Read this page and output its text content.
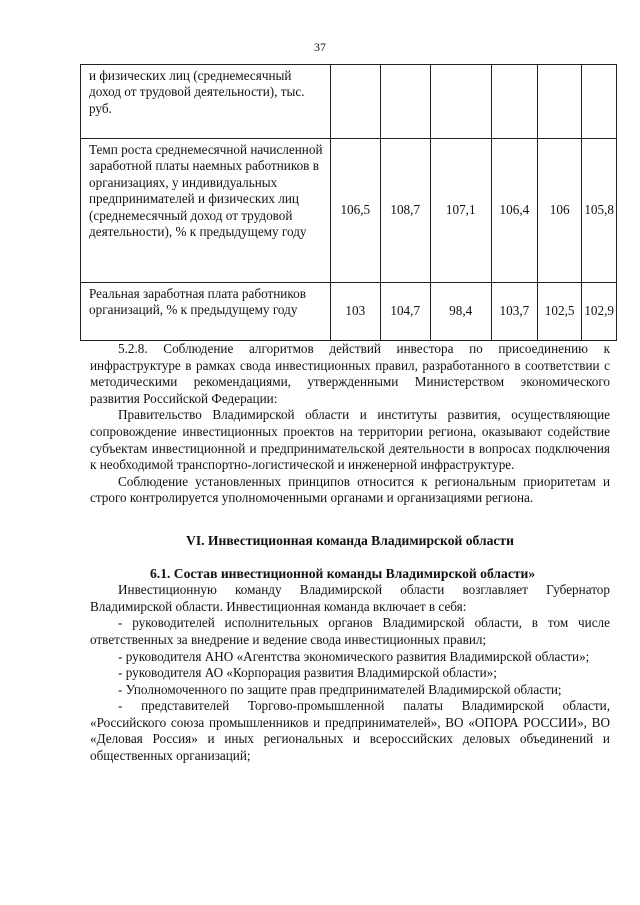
37
и физических лиц (среднемесячный доход от трудовой деятельности), тыс. руб.						
Темп роста среднемесячной начисленной заработной платы наемных работников в организациях, у индивидуальных предпринимателей и физических лиц (среднемесячный доход от трудовой деятельности), % к предыдущему году	106,5	108,7	107,1	106,4	106	105,8
Реальная заработная плата работников организаций, % к предыдущему году	103	104,7	98,4	103,7	102,5	102,9

5.2.8. Соблюдение алгоритмов действий инвестора по присоединению к инфраструктуре в рамках свода инвестиционных правил, разработанного в соответствии с методическими рекомендациями, утвержденными Министерством экономического развития Российской Федерации:

Правительство Владимирской области и институты развития, осуществляющие сопровождение инвестиционных проектов на территории региона, оказывают содействие субъектам инвестиционной и предпринимательской деятельности в вопросах подключения к необходимой транспортно-логистической и инженерной инфраструктуре.

Соблюдение установленных принципов относится к региональным приоритетам и строго контролируется уполномоченными органами и организациями региона.

VI. Инвестиционная команда Владимирской области

6.1. Состав инвестиционной команды Владимирской области»

Инвестиционную команду Владимирской области возглавляет Губернатор Владимирской области. Инвестиционная команда включает в себя:

- руководителей исполнительных органов Владимирской области, в том числе ответственных за внедрение и ведение свода инвестиционных правил;

- руководителя АНО «Агентства экономического развития Владимирской области»;

- руководителя АО «Корпорация развития Владимирской области»;

- Уполномоченного по защите прав предпринимателей Владимирской области;

- представителей Торгово-промышленной палаты Владимирской области, «Российского союза промышленников и предпринимателей», ВО «ОПОРА РОССИИ», ВО «Деловая Россия» и иных региональных и всероссийских деловых объединений и общественных организаций;
